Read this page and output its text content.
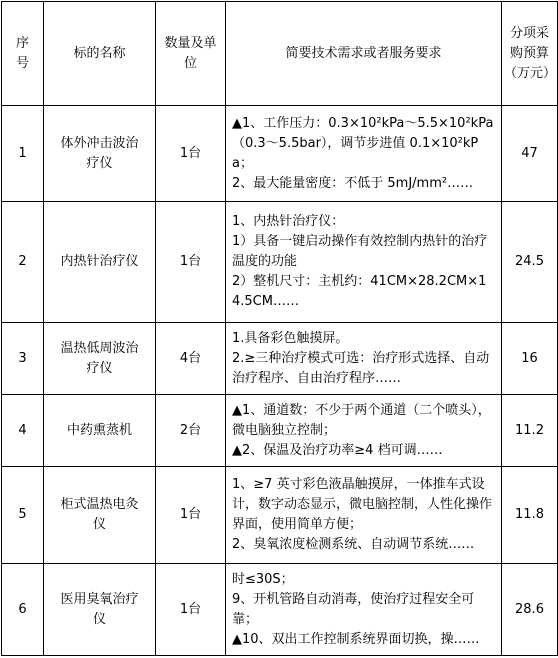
序号	标的名称	数量及单位	简要技术需求或者服务要求	分项采购预算（万元）
1	体外冲击波治疗仪	1台	▲1、工作压力：0.3×10²kPa～5.5×10²kPa（0.3～5.5bar），调节步进值 0.1×10²kPa；
2、最大能量密度：不低于 5mJ/mm²……	47
2	内热针治疗仪	1台	1、内热针治疗仪：
1）具备一键启动操作有效控制内热针的治疗温度的功能
2）整机尺寸：主机约：41CM×28.2CM×14.5CM……	24.5
3	温热低周波治疗仪	4台	1.具备彩色触摸屏。
2.≥三种治疗模式可选：治疗形式选择、自动治疗程序、自由治疗程序……	16
4	中药熏蒸机	2台	▲1、通道数：不少于两个通道（二个喷头），微电脑独立控制；
▲2、保温及治疗功率≥4 档可调……	11.2
5	柜式温热电灸仪	1台	1、≥7 英寸彩色液晶触摸屏，一体推车式设计，数字动态显示，微电脑控制，人性化操作界面，使用简单方便；
2、臭氧浓度检测系统、自动调节系统……	11.8
6	医用臭氧治疗仪	1台	时≤30S；
9、开机管路自动消毒，使治疗过程安全可靠；
▲10、双出工作控制系统界面切换，操……	28.6
